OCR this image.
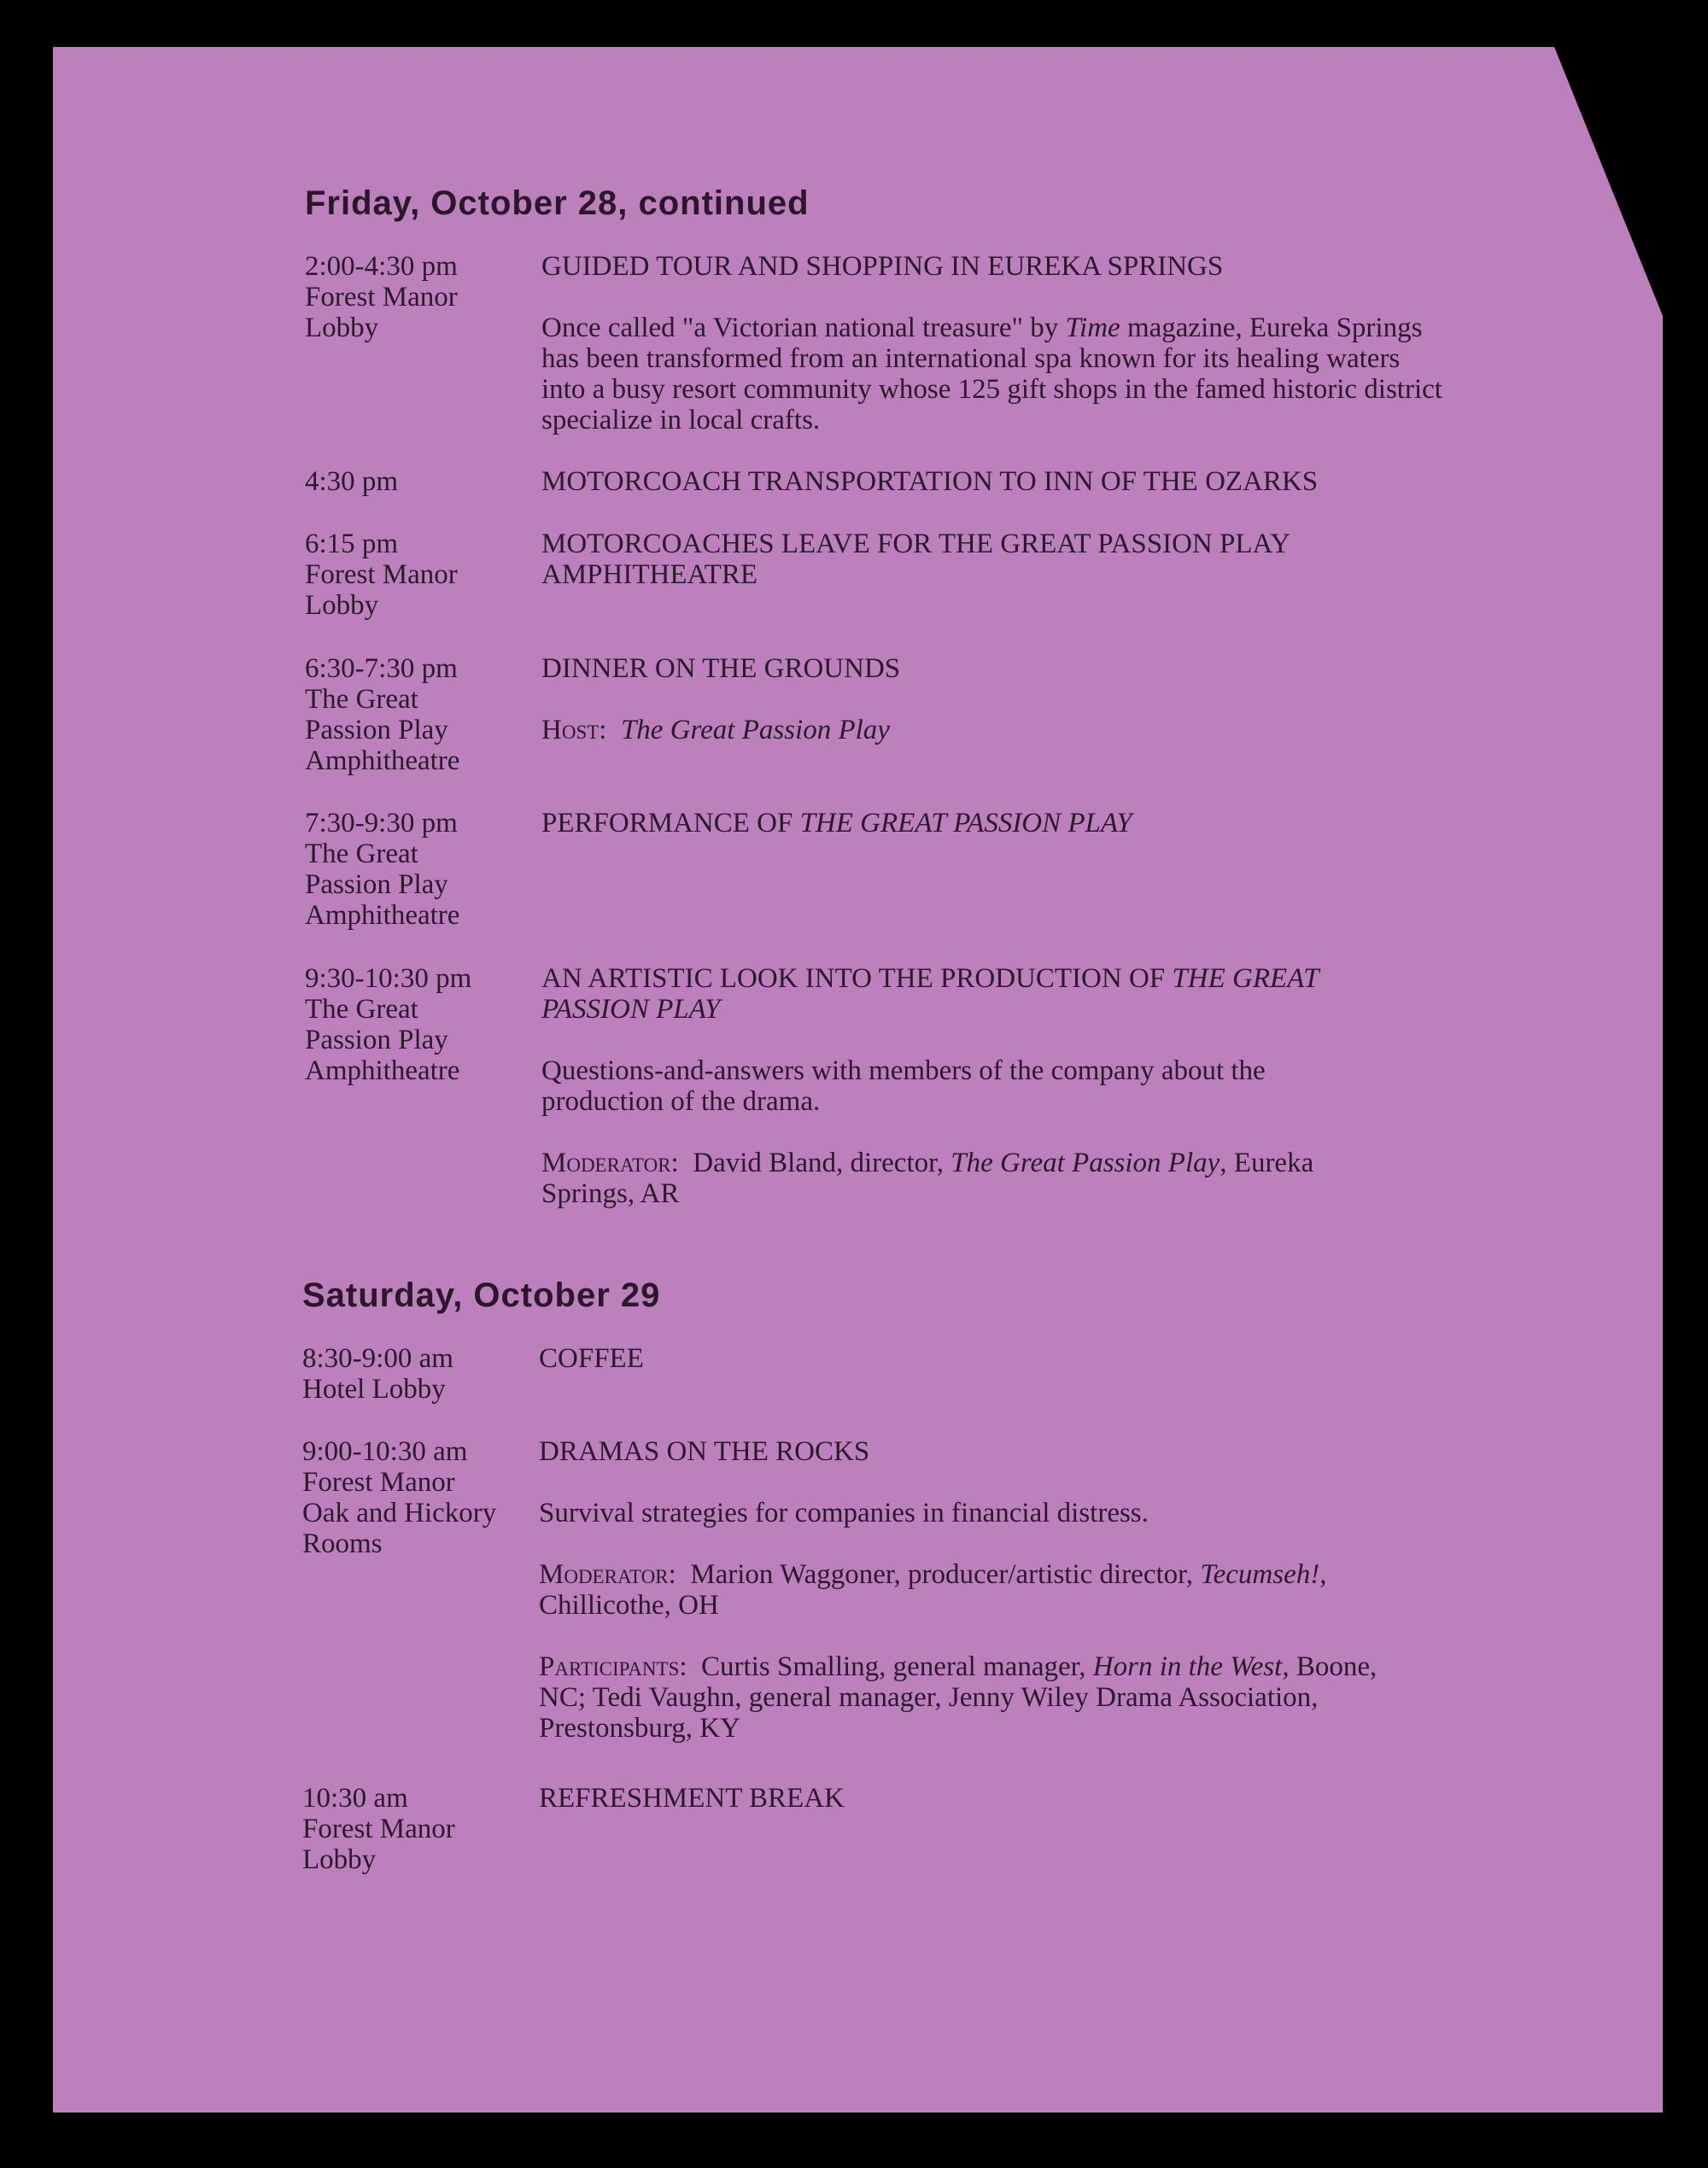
Friday, October 28, continued
2:00-4:30 pm
Forest Manor
Lobby

GUIDED TOUR AND SHOPPING IN EUREKA SPRINGS

Once called "a Victorian national treasure" by Time magazine, Eureka Springs has been transformed from an international spa known for its healing waters into a busy resort community whose 125 gift shops in the famed historic district specialize in local crafts.

4:30 pm	MOTORCOACH TRANSPORTATION TO INN OF THE OZARKS

6:15 pm
Forest Manor
Lobby

MOTORCOACHES LEAVE FOR THE GREAT PASSION PLAY AMPHITHEATRE

6:30-7:30 pm
The Great
Passion Play
Amphitheatre

DINNER ON THE GROUNDS

Host: The Great Passion Play

7:30-9:30 pm
The Great
Passion Play
Amphitheatre

PERFORMANCE OF THE GREAT PASSION PLAY

9:30-10:30 pm
The Great
Passion Play
Amphitheatre

AN ARTISTIC LOOK INTO THE PRODUCTION OF THE GREAT PASSION PLAY

Questions-and-answers with members of the company about the production of the drama.

Moderator: David Bland, director, The Great Passion Play, Eureka Springs, AR

Saturday, October 29
8:30-9:00 am
Hotel Lobby

COFFEE

9:00-10:30 am
Forest Manor
Oak and Hickory
Rooms

DRAMAS ON THE ROCKS

Survival strategies for companies in financial distress.

Moderator: Marion Waggoner, producer/artistic director, Tecumseh!, Chillicothe, OH

Participants: Curtis Smalling, general manager, Horn in the West, Boone, NC; Tedi Vaughn, general manager, Jenny Wiley Drama Association, Prestonsburg, KY

10:30 am
Forest Manor
Lobby

REFRESHMENT BREAK
